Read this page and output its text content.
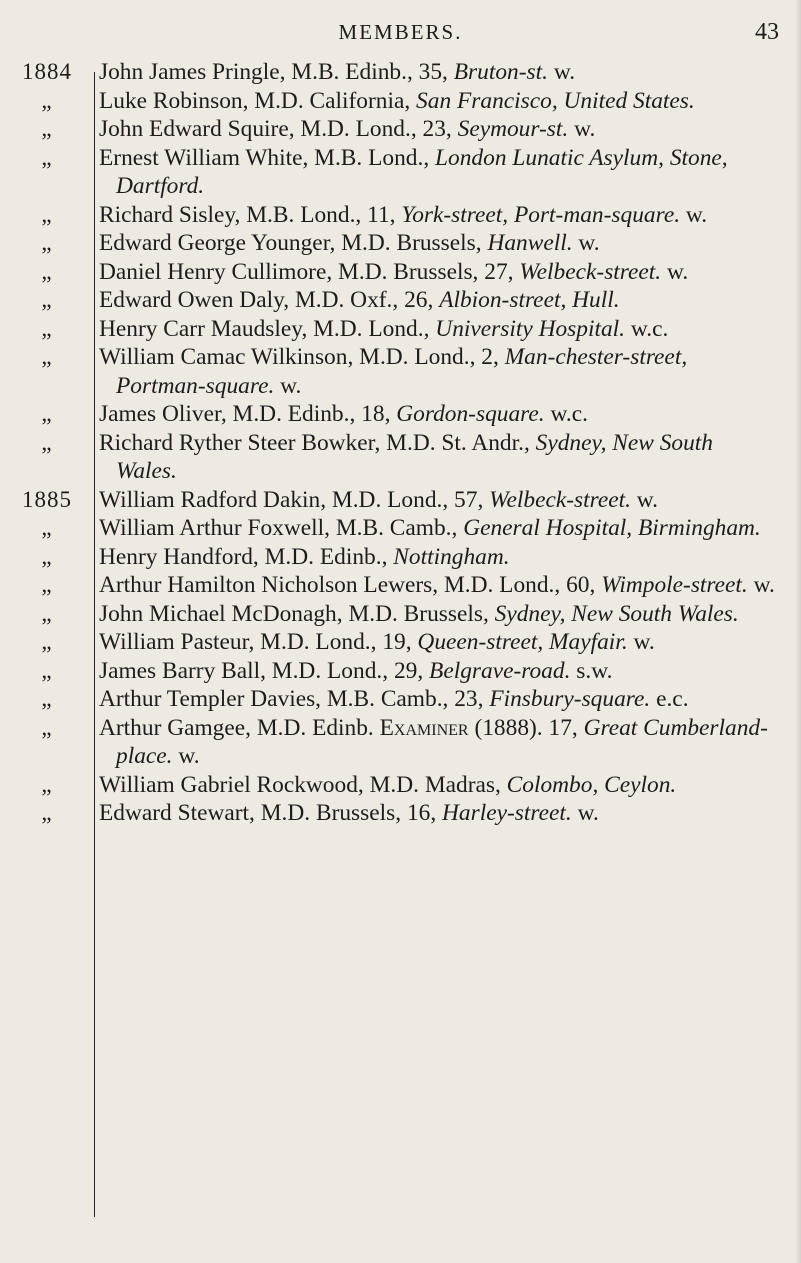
MEMBERS.	43
1884	John James Pringle, M.B. Edinb., 35, Bruton-st. w.
„	Luke Robinson, M.D. California, San Francisco, United States.
„	John Edward Squire, M.D. Lond., 23, Seymour-st. w.
„	Ernest William White, M.B. Lond., London Lunatic Asylum, Stone, Dartford.
„	Richard Sisley, M.B. Lond., 11, York-street, Port-man-square. w.
„	Edward George Younger, M.D. Brussels, Hanwell. w.
„	Daniel Henry Cullimore, M.D. Brussels, 27, Welbeck-street. w.
„	Edward Owen Daly, M.D. Oxf., 26, Albion-street, Hull.
„	Henry Carr Maudsley, M.D. Lond., University Hospital. w.c.
„	William Camac Wilkinson, M.D. Lond., 2, Man-chester-street, Portman-square. w.
„	James Oliver, M.D. Edinb., 18, Gordon-square. w.c.
„	Richard Ryther Steer Bowker, M.D. St. Andr., Sydney, New South Wales.
1885	William Radford Dakin, M.D. Lond., 57, Welbeck-street. w.
„	William Arthur Foxwell, M.B. Camb., General Hospital, Birmingham.
„	Henry Handford, M.D. Edinb., Nottingham.
„	Arthur Hamilton Nicholson Lewers, M.D. Lond., 60, Wimpole-street. w.
„	John Michael McDonagh, M.D. Brussels, Sydney, New South Wales.
„	William Pasteur, M.D. Lond., 19, Queen-street, Mayfair. w.
„	James Barry Ball, M.D. Lond., 29, Belgrave-road. s.w.
„	Arthur Templer Davies, M.B. Camb., 23, Finsbury-square. e.c.
„	Arthur Gamgee, M.D. Edinb. Examiner (1888). 17, Great Cumberland-place. w.
„	William Gabriel Rockwood, M.D. Madras, Colombo, Ceylon.
„	Edward Stewart, M.D. Brussels, 16, Harley-street. w.
